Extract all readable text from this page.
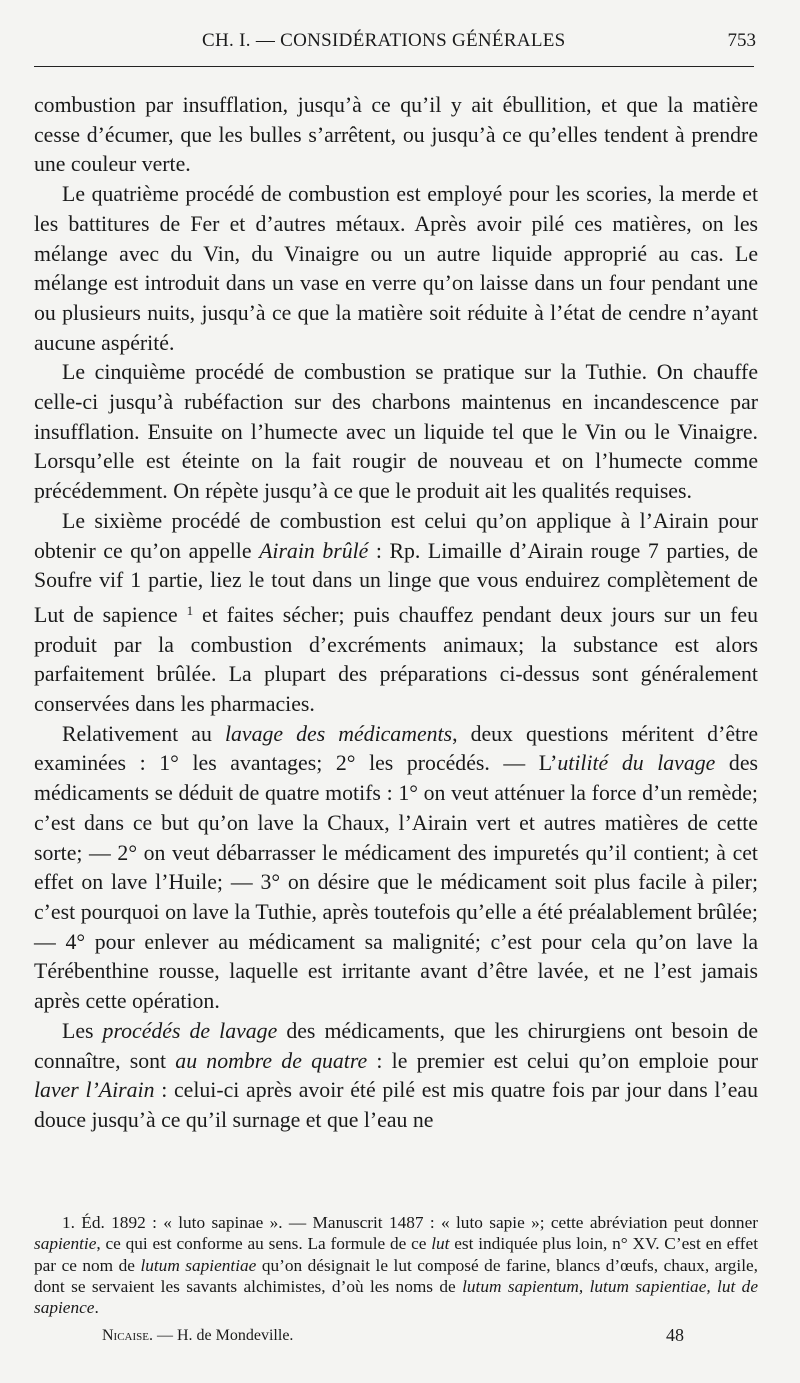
CH. I. — CONSIDÉRATIONS GÉNÉRALES	753

combustion par insufflation, jusqu’à ce qu’il y ait ébullition, et que la matière cesse d’écumer, que les bulles s’arrêtent, ou jusqu’à ce qu’elles tendent à prendre une couleur verte.

Le quatrième procédé de combustion est employé pour les scories, la merde et les battitures de Fer et d’autres métaux. Après avoir pilé ces matières, on les mélange avec du Vin, du Vinaigre ou un autre liquide approprié au cas. Le mélange est introduit dans un vase en verre qu’on laisse dans un four pendant une ou plusieurs nuits, jusqu’à ce que la matière soit réduite à l’état de cendre n’ayant aucune aspérité.

Le cinquième procédé de combustion se pratique sur la Tuthie. On chauffe celle-ci jusqu’à rubéfaction sur des charbons maintenus en incandescence par insufflation. Ensuite on l’humecte avec un liquide tel que le Vin ou le Vinaigre. Lorsqu’elle est éteinte on la fait rougir de nouveau et on l’humecte comme précédemment. On répète jusqu’à ce que le produit ait les qualités requises.

Le sixième procédé de combustion est celui qu’on applique à l’Airain pour obtenir ce qu’on appelle Airain brûlé : Rp. Limaille d’Airain rouge 7 parties, de Soufre vif 1 partie, liez le tout dans un linge que vous enduirez complètement de Lut de sapience $^1$ et faites sécher; puis chauffez pendant deux jours sur un feu produit par la combustion d’excréments animaux; la substance est alors parfaitement brûlée. La plupart des préparations ci-dessus sont généralement conservées dans les pharmacies.

Relativement au lavage des médicaments, deux questions méritent d’être examinées : 1° les avantages; 2° les procédés. — L’utilité du lavage des médicaments se déduit de quatre motifs : 1° on veut atténuer la force d’un remède; c’est dans ce but qu’on lave la Chaux, l’Airain vert et autres matières de cette sorte; — 2° on veut débarrasser le médicament des impuretés qu’il contient; à cet effet on lave l’Huile; — 3° on désire que le médicament soit plus facile à piler; c’est pourquoi on lave la Tuthie, après toutefois qu’elle a été préalablement brûlée; — 4° pour enlever au médicament sa malignité; c’est pour cela qu’on lave la Térébenthine rousse, laquelle est irritante avant d’être lavée, et ne l’est jamais après cette opération.

Les procédés de lavage des médicaments, que les chirurgiens ont besoin de connaître, sont au nombre de quatre : le premier est celui qu’on emploie pour laver l’Airain : celui-ci après avoir été pilé est mis quatre fois par jour dans l’eau douce jusqu’à ce qu’il surnage et que l’eau ne

1. Éd. 1892 : « luto sapinae ». — Manuscrit 1487 : « luto sapie »; cette abréviation peut donner sapientie, ce qui est conforme au sens. La formule de ce lut est indiquée plus loin, n° XV. C’est en effet par ce nom de lutum sapientiae qu’on désignait le lut composé de farine, blancs d’œufs, chaux, argile, dont se servaient les savants alchimistes, d’où les noms de lutum sapientum, lutum sapientiae, lut de sapience.

Nicaise. — H. de Mondeville.	48
